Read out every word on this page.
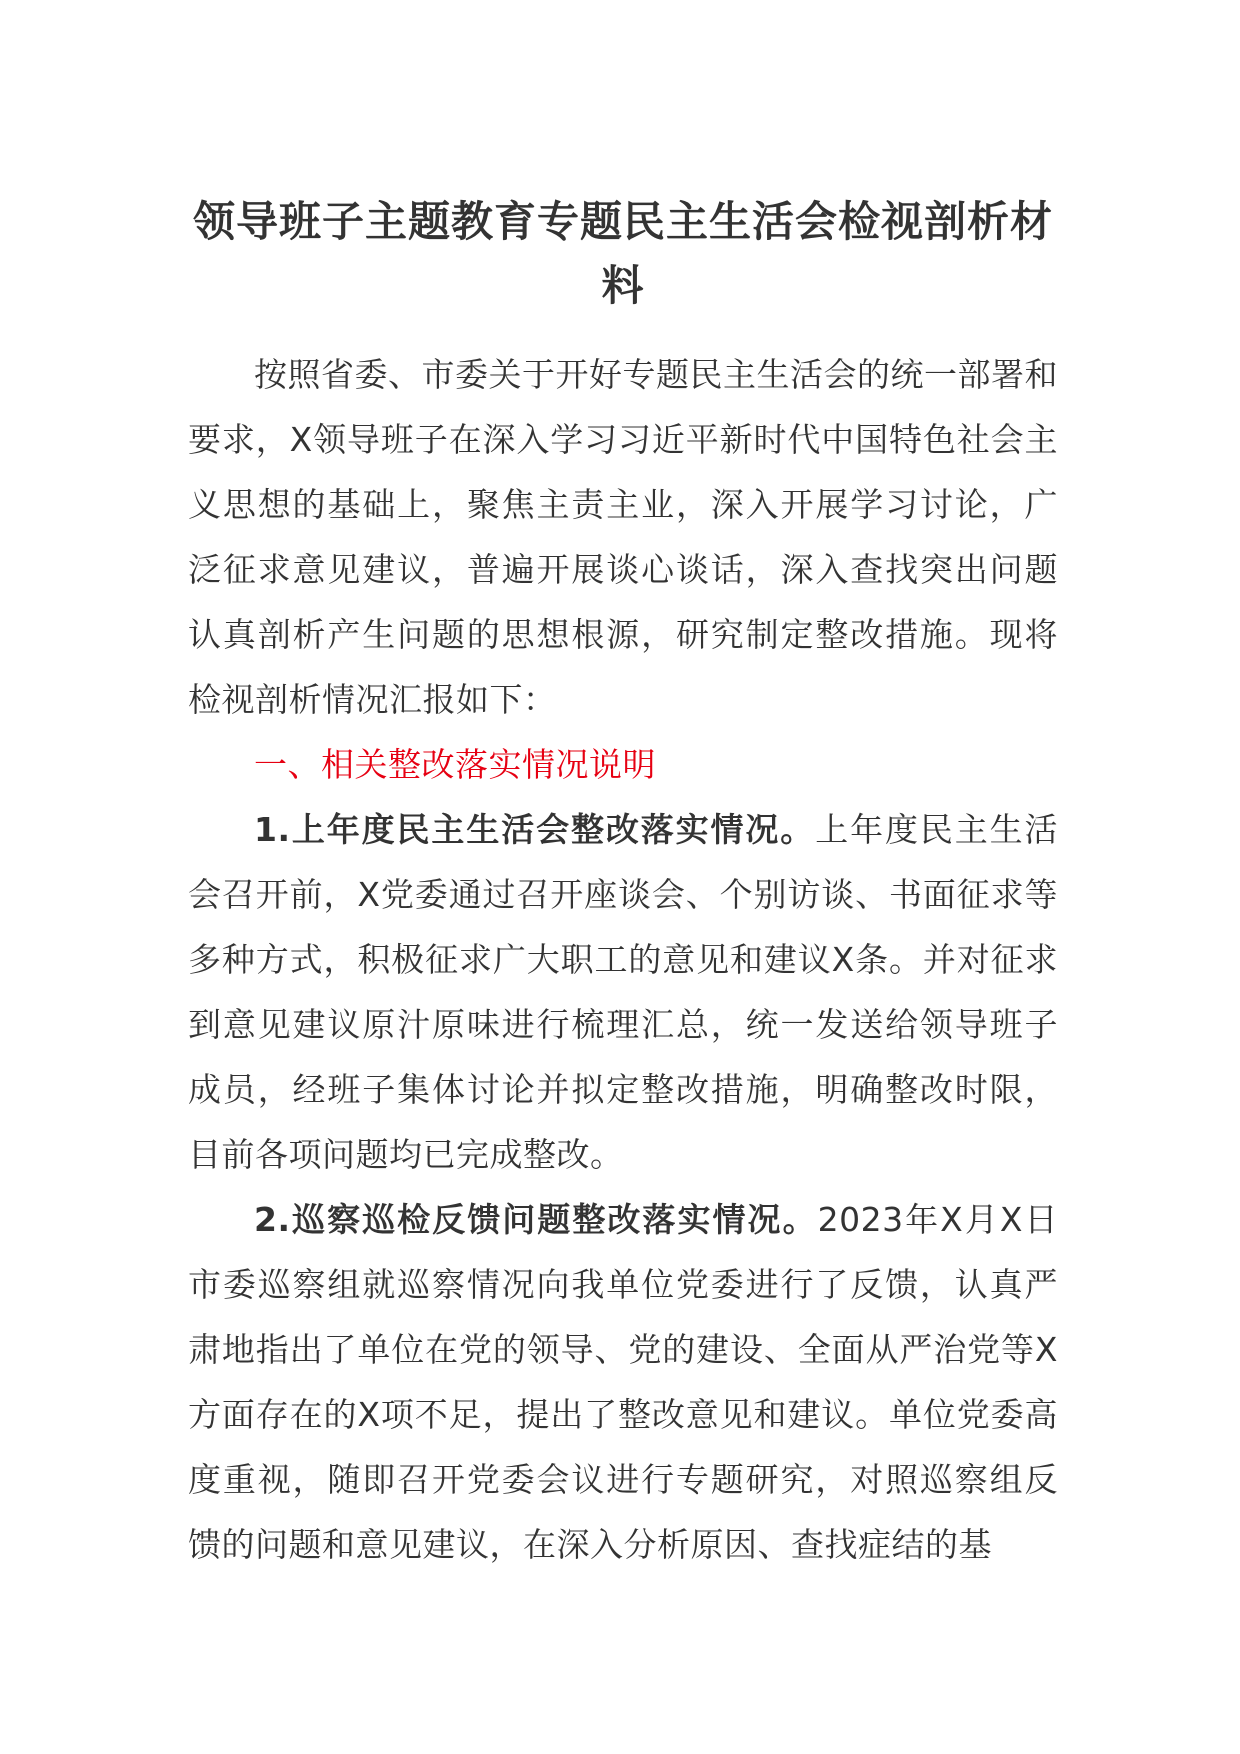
领导班子主题教育专题民主生活会检视剖析材料

按照省委、市委关于开好专题民主生活会的统一部署和要求，X领导班子在深入学习习近平新时代中国特色社会主义思想的基础上，聚焦主责主业，深入开展学习讨论，广泛征求意见建议，普遍开展谈心谈话，深入查找突出问题认真剖析产生问题的思想根源，研究制定整改措施。现将检视剖析情况汇报如下：

一、相关整改落实情况说明

1.上年度民主生活会整改落实情况。上年度民主生活会召开前，X党委通过召开座谈会、个别访谈、书面征求等多种方式，积极征求广大职工的意见和建议X条。并对征求到意见建议原汁原味进行梳理汇总，统一发送给领导班子成员，经班子集体讨论并拟定整改措施，明确整改时限，目前各项问题均已完成整改。

2.巡察巡检反馈问题整改落实情况。2023年X月X日市委巡察组就巡察情况向我单位党委进行了反馈，认真严肃地指出了单位在党的领导、党的建设、全面从严治党等X方面存在的X项不足，提出了整改意见和建议。单位党委高度重视，随即召开党委会议进行专题研究，对照巡察组反馈的问题和意见建议，在深入分析原因、查找症结的基
